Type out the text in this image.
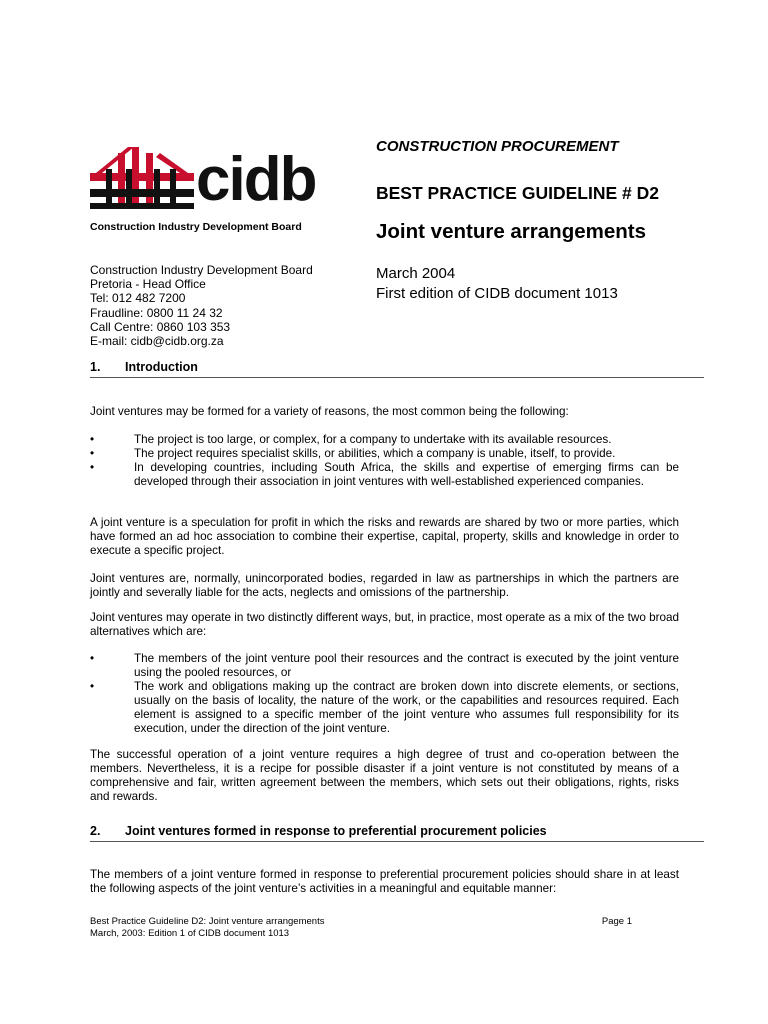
cidb
Construction Industry Development Board
CONSTRUCTION PROCUREMENT
BEST PRACTICE GUIDELINE # D2
Joint venture arrangements
March 2004
First edition of CIDB document 1013
Construction Industry Development Board
Pretoria - Head Office
Tel: 012 482 7200
Fraudline: 0800 11 24 32
Call Centre: 0860 103 353
E-mail: cidb@cidb.org.za
1. Introduction
Joint ventures may be formed for a variety of reasons, the most common being the following:
•	The project is too large, or complex, for a company to undertake with its available resources.
•	The project requires specialist skills, or abilities, which a company is unable, itself, to provide.
•	In developing countries, including South Africa, the skills and expertise of emerging firms can be developed through their association in joint ventures with well-established experienced companies.
A joint venture is a speculation for profit in which the risks and rewards are shared by two or more parties, which have formed an ad hoc association to combine their expertise, capital, property, skills and knowledge in order to execute a specific project.
Joint ventures are, normally, unincorporated bodies, regarded in law as partnerships in which the partners are jointly and severally liable for the acts, neglects and omissions of the partnership.
Joint ventures may operate in two distinctly different ways, but, in practice, most operate as a mix of the two broad alternatives which are:
•	The members of the joint venture pool their resources and the contract is executed by the joint venture using the pooled resources, or
•	The work and obligations making up the contract are broken down into discrete elements, or sections, usually on the basis of locality, the nature of the work, or the capabilities and resources required. Each element is assigned to a specific member of the joint venture who assumes full responsibility for its execution, under the direction of the joint venture.
The successful operation of a joint venture requires a high degree of trust and co-operation between the members. Nevertheless, it is a recipe for possible disaster if a joint venture is not constituted by means of a comprehensive and fair, written agreement between the members, which sets out their obligations, rights, risks and rewards.
2. Joint ventures formed in response to preferential procurement policies
The members of a joint venture formed in response to preferential procurement policies should share in at least the following aspects of the joint venture’s activities in a meaningful and equitable manner:
Best Practice Guideline D2: Joint venture arrangements
March, 2003: Edition 1 of CIDB document 1013
Page 1
